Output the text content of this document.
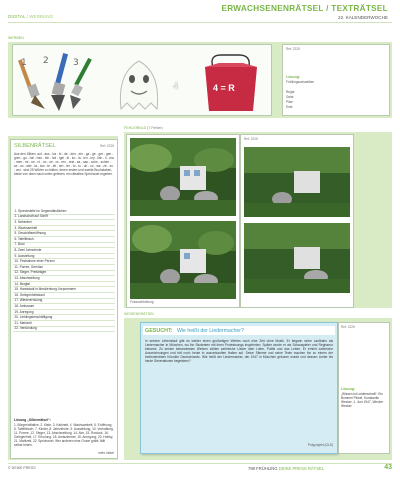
ERWACHSENENRÄTSEL / TEXTRÄTSEL
DIGITAL / WERBUNG	22. KALENDERWOCHE
WERBEN
1 2	3
4 = R
4
Ref: 2225
Lösung:
Frühlingsschwalben
Regal
Geist
Pilze
Ente
SILBENRÄTSEL	Ref: 2225
Aus den Silben: auf - aus - ba - bi - de - den - ein - ga - ge - ger - gen - gren - gu - hal - han - hin - hol - igel - ki - ko - la - len - ley - lich - li - ma - men - mi - ne - ni - no - oe - ra - ren - rest - sa - sau - sche - schen - se - so - ster - ta - tan - te - tel - ten - ter - to - tu - un - vo - wa - ze - zu - zwi - sind 25 Wörter zu bilden, deren ersten und zweite Buchstaben, beide von oben nach unten gelesen, ein rätseltes Sprichwort ergeben.
1. Sprechstelle im Gegenständlichen
2. Landschaft auf Schiff
3. Nebenbei
4. Wachsamkeit
5. Geschäftseröffnung
6. Tafelfleisch
7. Bubi
8. Zwei Jahrzehnte
9. Ausstellung
10. Festnahme einer Person
11. Porree, Gemüse
12. Sieger, Preisträger
13. Abschweifung
14. Bergtal
15. Handstadt in Mecklenburg-Vorpommern
16. Gelegenheitskauf
17. Wiedererholung
18. Amtsraum
19. Anregung
20. Lieblingsbeschäftigung
21. Mahlzeit
22. Verkündung
Lösung „Silbenrätsel“:
1. Bürgerinitiative, 2. Kiste, 3. Kabinett, 4. Wachsamkeit, 5. Eröffnung, 6. Tafelfleisch, 7. Kinder, 8. Jahrzehnte, 9. Ausstellung, 10. Verhaftung, 11. Porree, 12. Sieger, 13. Abschweifung, 14. Alm, 15. Rostock, 16. Gelegenheit, 17. Erholung, 18. Amtszimmer, 19. Anregung, 20. Hobby, 21. Mahlzeit, 22. Sprichwort: Wer anderen eine Grube gräbt, fällt selbst hinein.
mehr rätsel
FEHLERBILD (7 Fehler)
Fotonachbildung
Ref: 2225
WISSENSRÄTSEL
GESUCHT: Wie heißt der Liedermacher?
In seinem Lebenslauf gibt es wieder einen großartigen Wertes noch eine Zeit ohne Musik. Er begann seine Laufbahn als Liedermacher in München, wo ihn Studenten mit ihren Protestsongs inspirierten. Später wurde er als Schauspieler und Regisseur bekannt. Zu seinen bekanntesten Werken zählen zahlreiche Lieder über Liebe, Politik und das Leben. Er erhielt zahlreiche Auszeichnungen und tritt noch heute in ausverkauften Hallen auf. Seine Stimme und seine Texte machen ihn zu einem der bedeutendsten Künstler Deutschlands. Wie heißt der Liedermacher, der 1947 in München geboren wurde und dessen Lieder bis heute Generationen begeistern?
Polyprojekt (GLS)
Ref: 2225
Lösung:
„Wissen ist Leidenschaft“: Ein Bummel Pinkel, Konstantin Wecker, 1. Juni 1947, Wecker Wecker
© DEIKE PRESS	788 FRÜHLING DEIKE PRESS RÄTSEL	43
